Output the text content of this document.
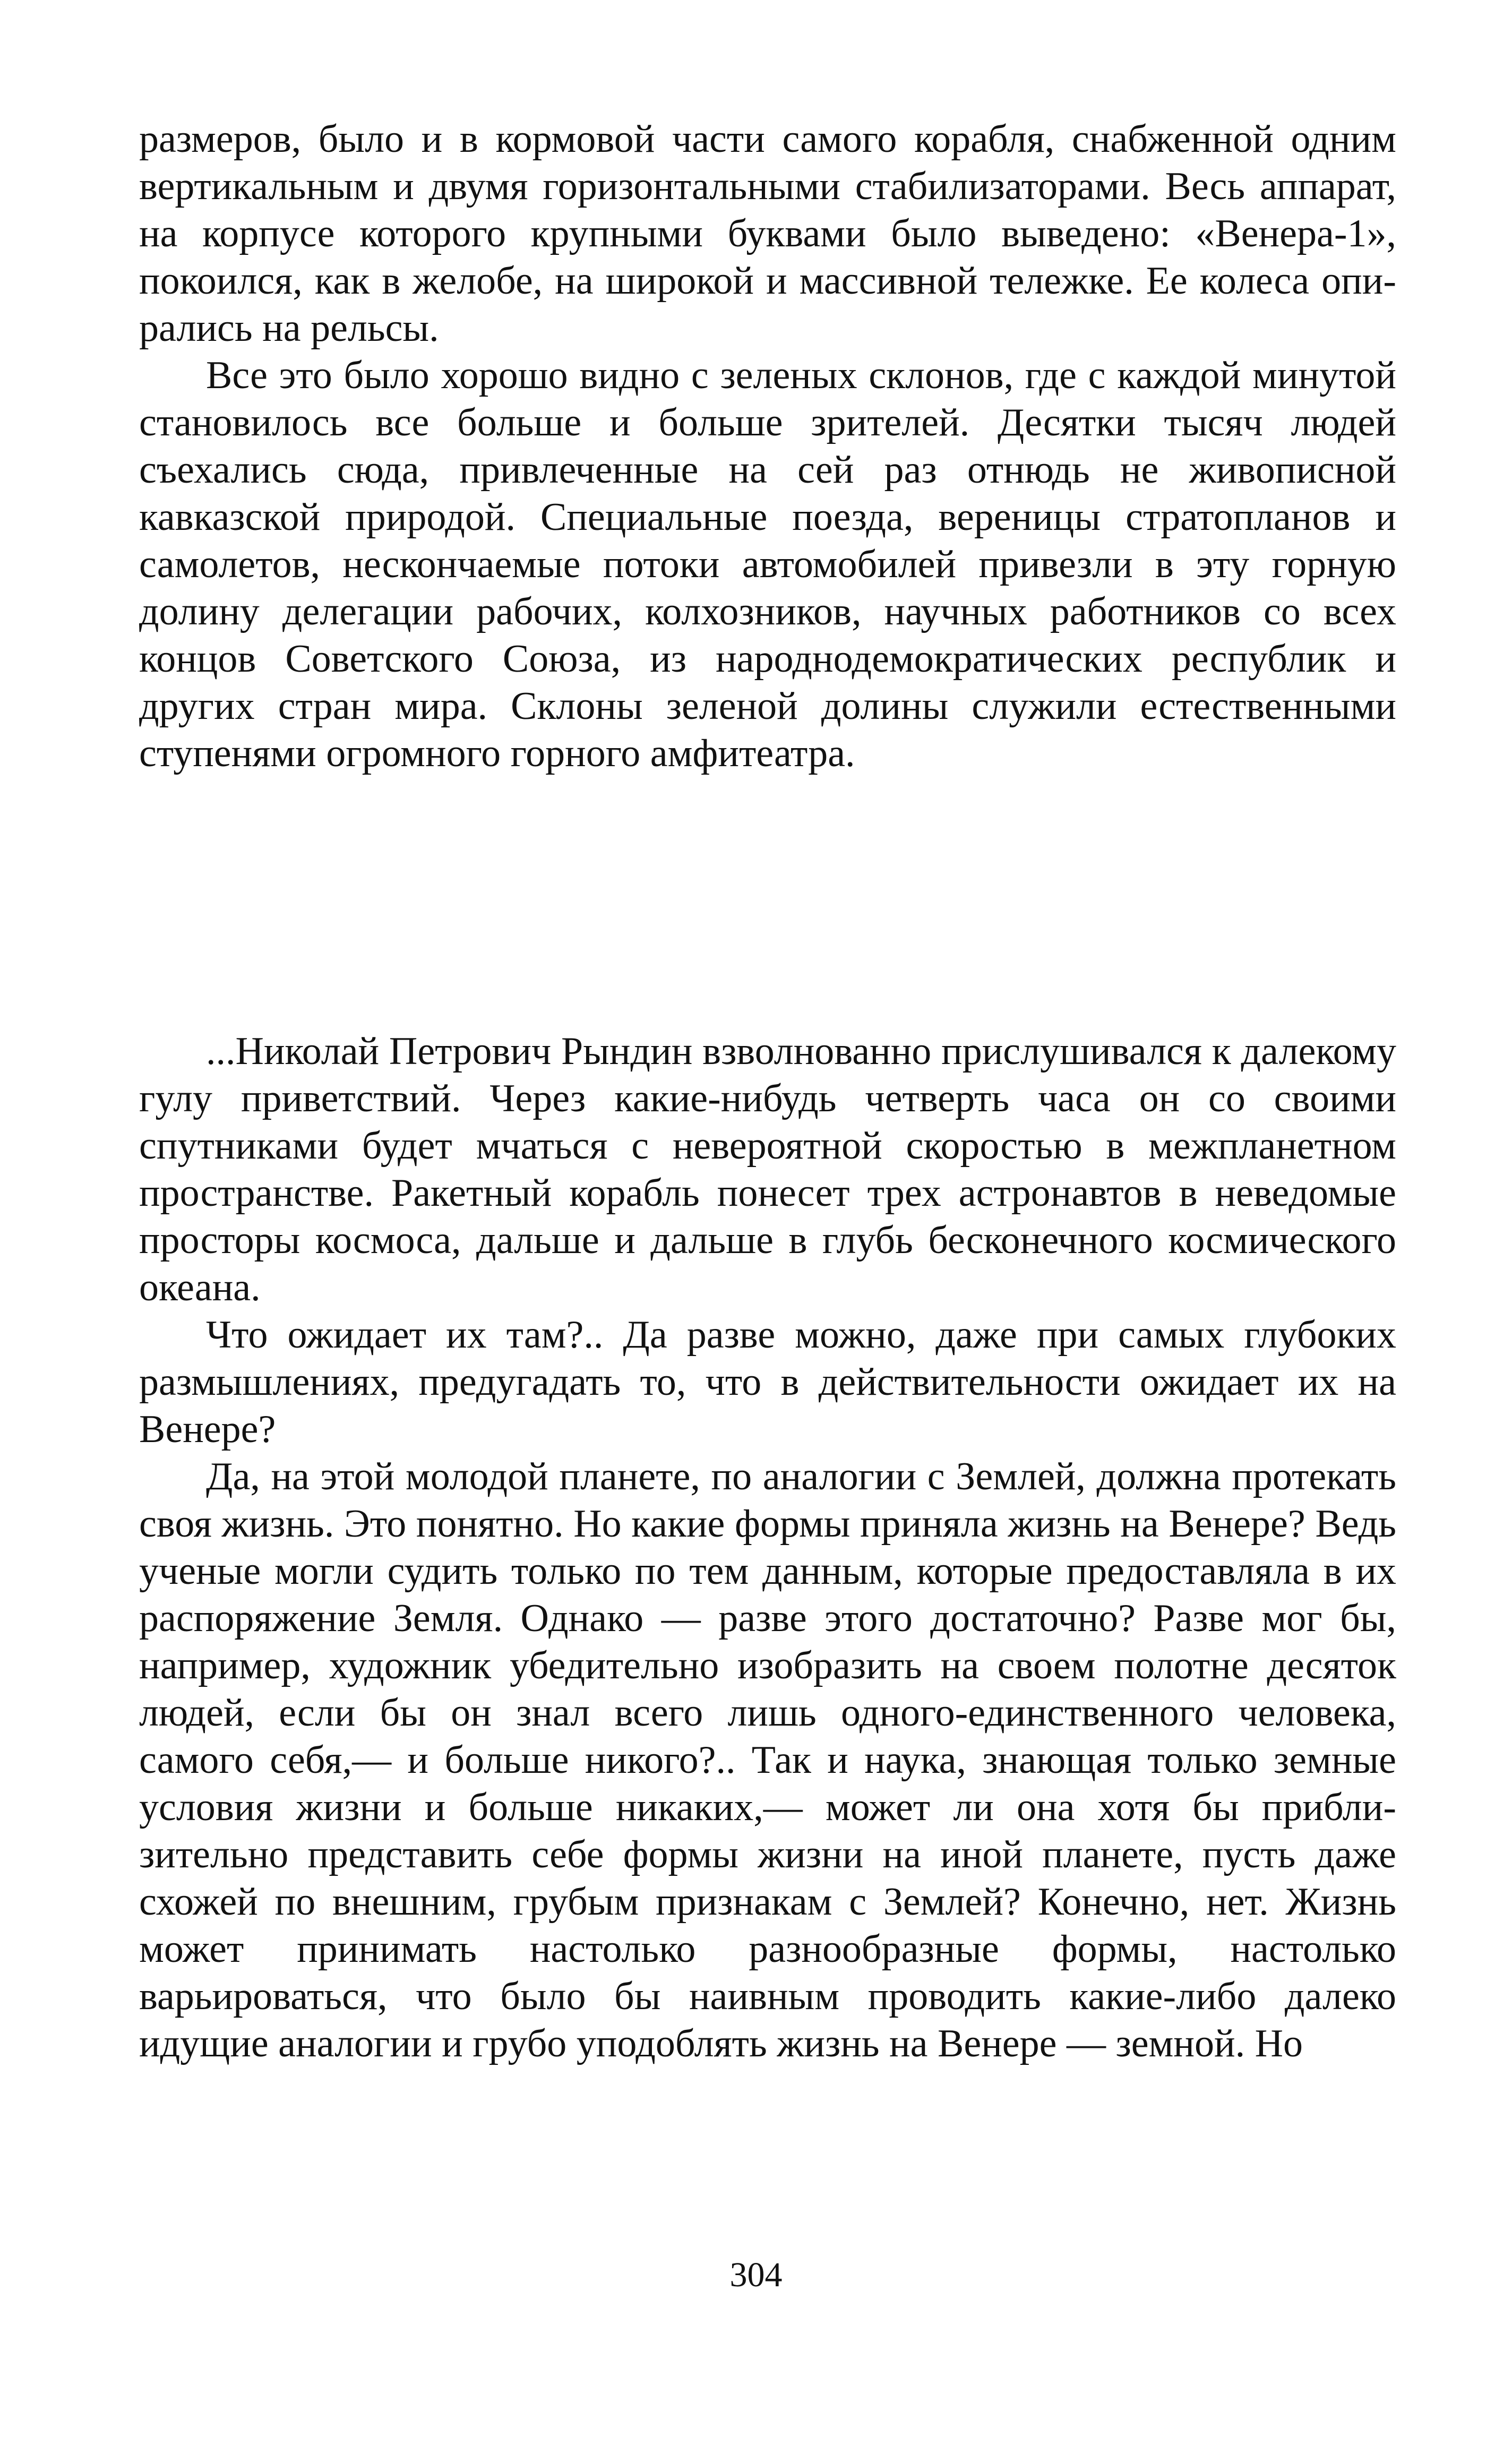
размеров, было и в кормовой части самого корабля, снабженной одним вертикальным и двумя горизонтальными стабилизаторами. Весь аппарат, на корпусе которого крупными буквами было выведено: «Венера-1», покоился, как в желобе, на широкой и массивной тележке. Ее колеса опирались на рельсы.

Все это было хорошо видно с зеленых склонов, где с каждой минутой становилось все больше и больше зрителей. Десятки тысяч людей съехались сюда, привлеченные на сей раз отнюдь не живописной кавказской природой. Специальные поезда, вереницы стратопланов и самолетов, нескончаемые потоки автомобилей привезли в эту горную долину делегации рабочих, колхозников, научных работников со всех концов Советского Союза, из народнодемократических республик и других стран мира. Склоны зеленой долины служили естественными ступенями огромного горного амфитеатра.

...Николай Петрович Рындин взволнованно прислушивался к далекому гулу приветствий. Через какие-нибудь четверть часа он со своими спутниками будет мчаться с невероятной скоростью в межпланетном пространстве. Ракетный корабль понесет трех астронавтов в неведомые просторы космоса, дальше и дальше в глубь бесконечного космического океана.

Что ожидает их там?.. Да разве можно, даже при самых глубоких размышлениях, предугадать то, что в действительности ожидает их на Венере?

Да, на этой молодой планете, по аналогии с Землей, должна протекать своя жизнь. Это понятно. Но какие формы приняла жизнь на Венере? Ведь ученые могли судить только по тем данным, которые предоставляла в их распоряжение Земля. Однако — разве этого достаточно? Разве мог бы, например, художник убедительно изобразить на своем полотне десяток людей, если бы он знал всего лишь одного-единственного человека, самого себя,— и больше никого?.. Так и наука, знающая только земные условия жизни и больше никаких,— может ли она хотя бы приблизительно представить себе формы жизни на иной планете, пусть даже схожей по внешним, грубым признакам с Землей? Конечно, нет. Жизнь может принимать настолько разнообразные формы, настолько варьироваться, что было бы наивным проводить какие-либо далеко идущие аналогии и грубо уподоблять жизнь на Венере — земной. Но

304
